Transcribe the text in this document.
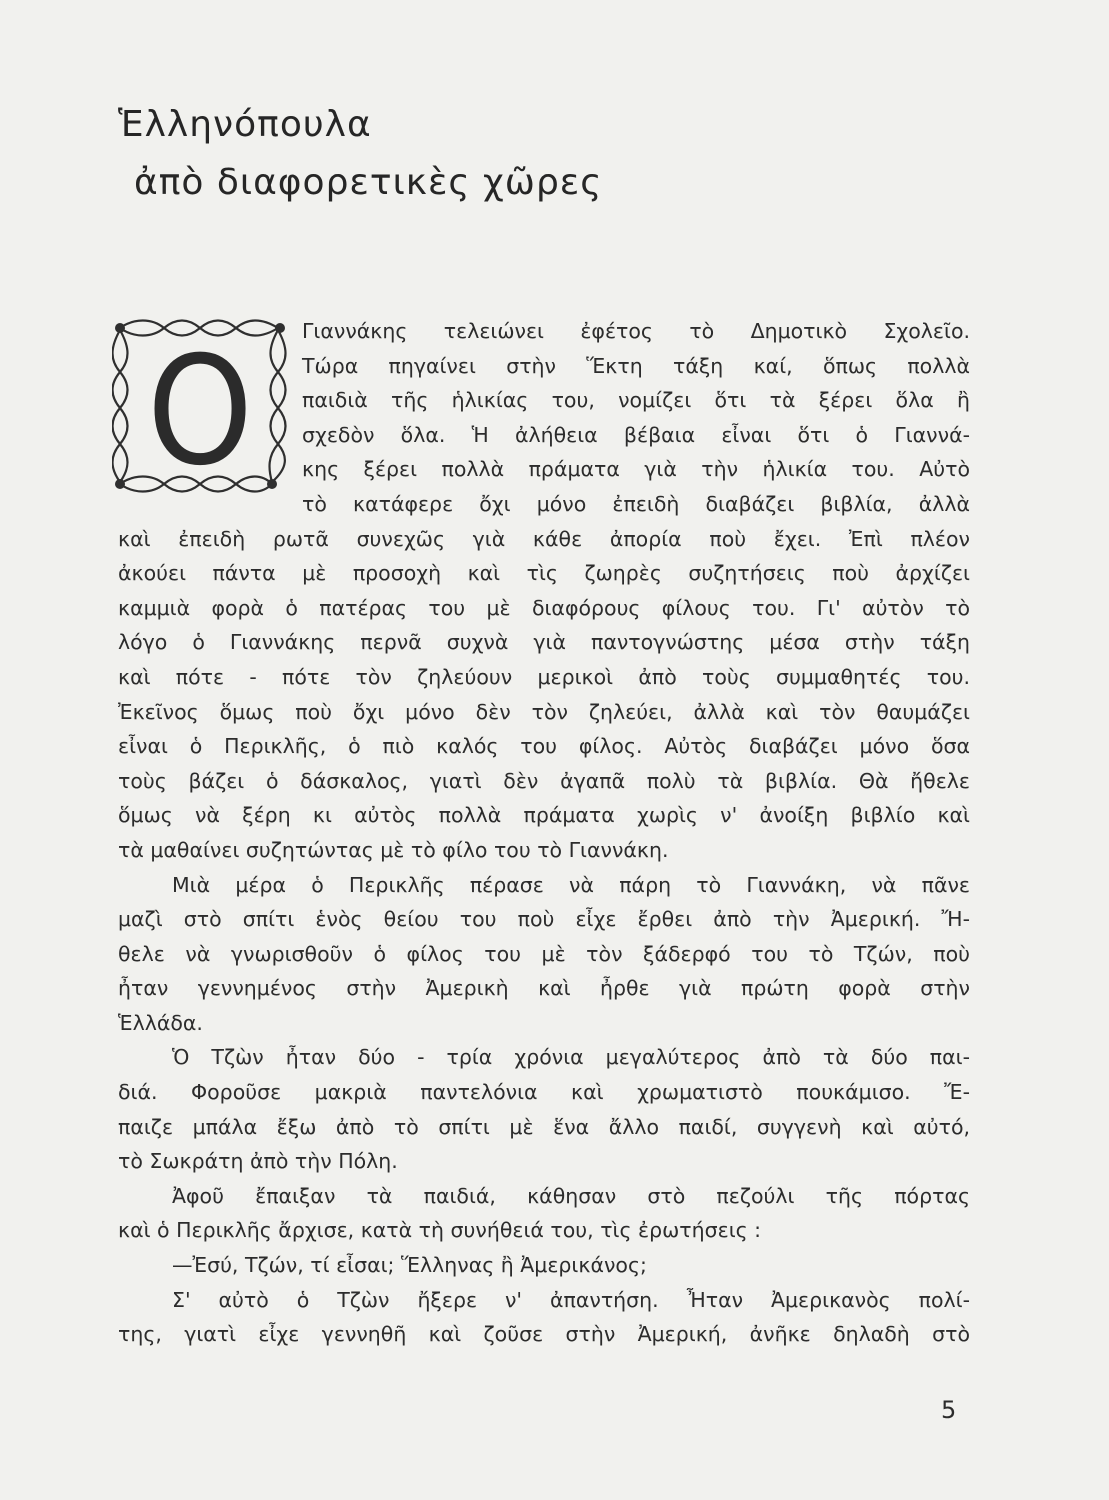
Ἑλληνόπουλα
ἀπὸ διαφορετικὲς χῶρες
Ο	Γιαννάκης τελειώνει ἐφέτος τὸ Δημοτικὸ Σχολεῖο.
Τώρα πηγαίνει στὴν Ἕκτη τάξη καί, ὅπως πολλὰ
παιδιὰ τῆς ἡλικίας του, νομίζει ὅτι τὰ ξέρει ὅλα ἢ
σχεδὸν ὅλα. Ἡ ἀλήθεια βέβαια εἶναι ὅτι ὁ Γιαννά-
κης ξέρει πολλὰ πράματα γιὰ τὴν ἡλικία του. Αὐτὸ
τὸ κατάφερε ὄχι μόνο ἐπειδὴ διαβάζει βιβλία, ἀλλὰ
καὶ ἐπειδὴ ρωτᾶ συνεχῶς γιὰ κάθε ἀπορία ποὺ ἔχει. Ἐπὶ πλέον
ἀκούει πάντα μὲ προσοχὴ καὶ τὶς ζωηρὲς συζητήσεις ποὺ ἀρχίζει
καμμιὰ φορὰ ὁ πατέρας του μὲ διαφόρους φίλους του. Γι' αὐτὸν τὸ
λόγο ὁ Γιαννάκης περνᾶ συχνὰ γιὰ παντογνώστης μέσα στὴν τάξη
καὶ πότε - πότε τὸν ζηλεύουν μερικοὶ ἀπὸ τοὺς συμμαθητές του.
Ἐκεῖνος ὅμως ποὺ ὄχι μόνο δὲν τὸν ζηλεύει, ἀλλὰ καὶ τὸν θαυμάζει
εἶναι ὁ Περικλῆς, ὁ πιὸ καλός του φίλος. Αὐτὸς διαβάζει μόνο ὅσα
τοὺς βάζει ὁ δάσκαλος, γιατὶ δὲν ἀγαπᾶ πολὺ τὰ βιβλία. Θὰ ἤθελε
ὅμως νὰ ξέρη κι αὐτὸς πολλὰ πράματα χωρὶς ν' ἀνοίξη βιβλίο καὶ
τὰ μαθαίνει συζητώντας μὲ τὸ φίλο του τὸ Γιαννάκη.
Μιὰ μέρα ὁ Περικλῆς πέρασε νὰ πάρη τὸ Γιαννάκη, νὰ πᾶνε
μαζὶ στὸ σπίτι ἑνὸς θείου του ποὺ εἶχε ἔρθει ἀπὸ τὴν Ἀμερική. Ἤ-
θελε νὰ γνωρισθοῦν ὁ φίλος του μὲ τὸν ξάδερφό του τὸ Τζών, ποὺ
ἦταν γεννημένος στὴν Ἀμερικὴ καὶ ἦρθε γιὰ πρώτη φορὰ στὴν
Ἑλλάδα.
Ὁ Τζὼν ἦταν δύο - τρία χρόνια μεγαλύτερος ἀπὸ τὰ δύο παι-
διά. Φοροῦσε μακριὰ παντελόνια καὶ χρωματιστὸ πουκάμισο. Ἔ-
παιζε μπάλα ἔξω ἀπὸ τὸ σπίτι μὲ ἕνα ἄλλο παιδί, συγγενὴ καὶ αὐτό,
τὸ Σωκράτη ἀπὸ τὴν Πόλη.
Ἀφοῦ ἔπαιξαν τὰ παιδιά, κάθησαν στὸ πεζούλι τῆς πόρτας
καὶ ὁ Περικλῆς ἄρχισε, κατὰ τὴ συνήθειά του, τὶς ἐρωτήσεις :
—Ἐσύ, Τζών, τί εἶσαι; Ἕλληνας ἢ Ἀμερικάνος;
Σ' αὐτὸ ὁ Τζὼν ἤξερε ν' ἀπαντήση. Ἦταν Ἀμερικανὸς πολί-
της, γιατὶ εἶχε γεννηθῆ καὶ ζοῦσε στὴν Ἀμερική, ἀνῆκε δηλαδὴ στὸ
5
